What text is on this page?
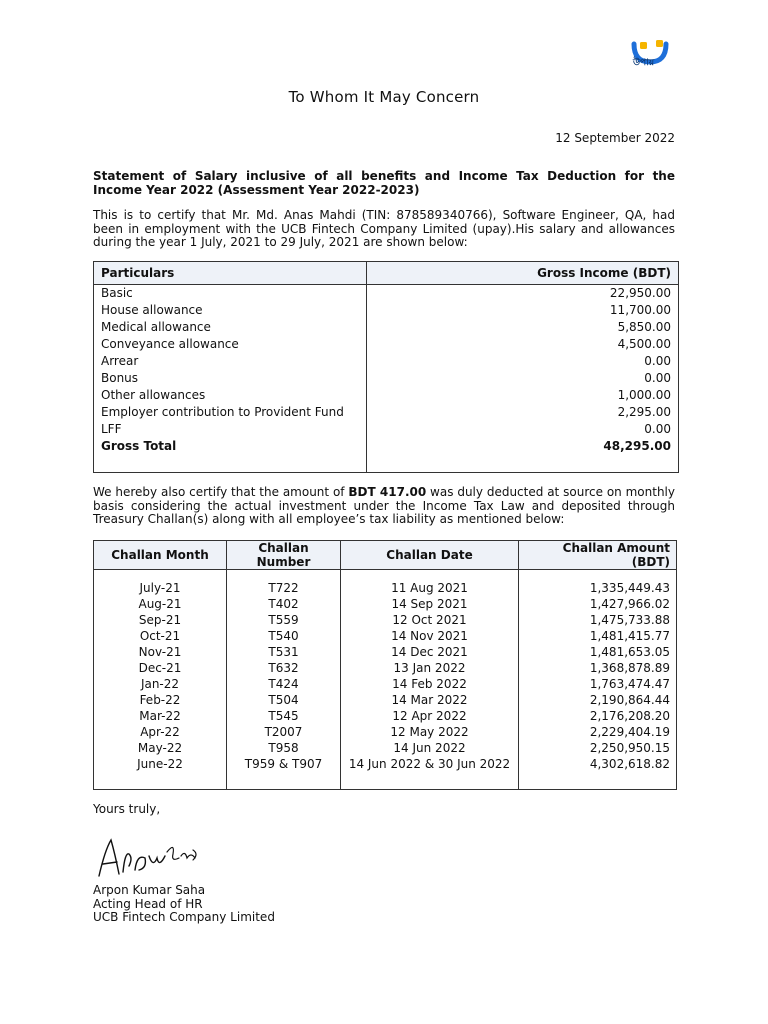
উপায়
To Whom It May Concern
12 September 2022
Statement of Salary inclusive of all benefits and Income Tax Deduction for the Income Year 2022 (Assessment Year 2022-2023)
This is to certify that Mr. Md. Anas Mahdi (TIN: 878589340766), Software Engineer, QA, had been in employment with the UCB Fintech Company Limited (upay).His salary and allowances during the year 1 July, 2021 to 29 July, 2021 are shown below:
Particulars	Gross Income (BDT)
Basic	22,950.00
House allowance	11,700.00
Medical allowance	5,850.00
Conveyance allowance	4,500.00
Arrear	0.00
Bonus	0.00
Other allowances	1,000.00
Employer contribution to Provident Fund	2,295.00
LFF	0.00
Gross Total	48,295.00

We hereby also certify that the amount of BDT 417.00 was duly deducted at source on monthly basis considering the actual investment under the Income Tax Law and deposited through Treasury Challan(s) along with all employee’s tax liability as mentioned below:
Challan Month	Challan Number	Challan Date	Challan Amount (BDT)

July-21	T722	11 Aug 2021	1,335,449.43
Aug-21	T402	14 Sep 2021	1,427,966.02
Sep-21	T559	12 Oct 2021	1,475,733.88
Oct-21	T540	14 Nov 2021	1,481,415.77
Nov-21	T531	14 Dec 2021	1,481,653.05
Dec-21	T632	13 Jan 2022	1,368,878.89
Jan-22	T424	14 Feb 2022	1,763,474.47
Feb-22	T504	14 Mar 2022	2,190,864.44
Mar-22	T545	12 Apr 2022	2,176,208.20
Apr-22	T2007	12 May 2022	2,229,404.19
May-22	T958	14 Jun 2022	2,250,950.15
June-22	T959 & T907	14 Jun 2022 & 30 Jun 2022	4,302,618.82

Yours truly,
Arpon Kumar Saha
Acting Head of HR
UCB Fintech Company Limited
